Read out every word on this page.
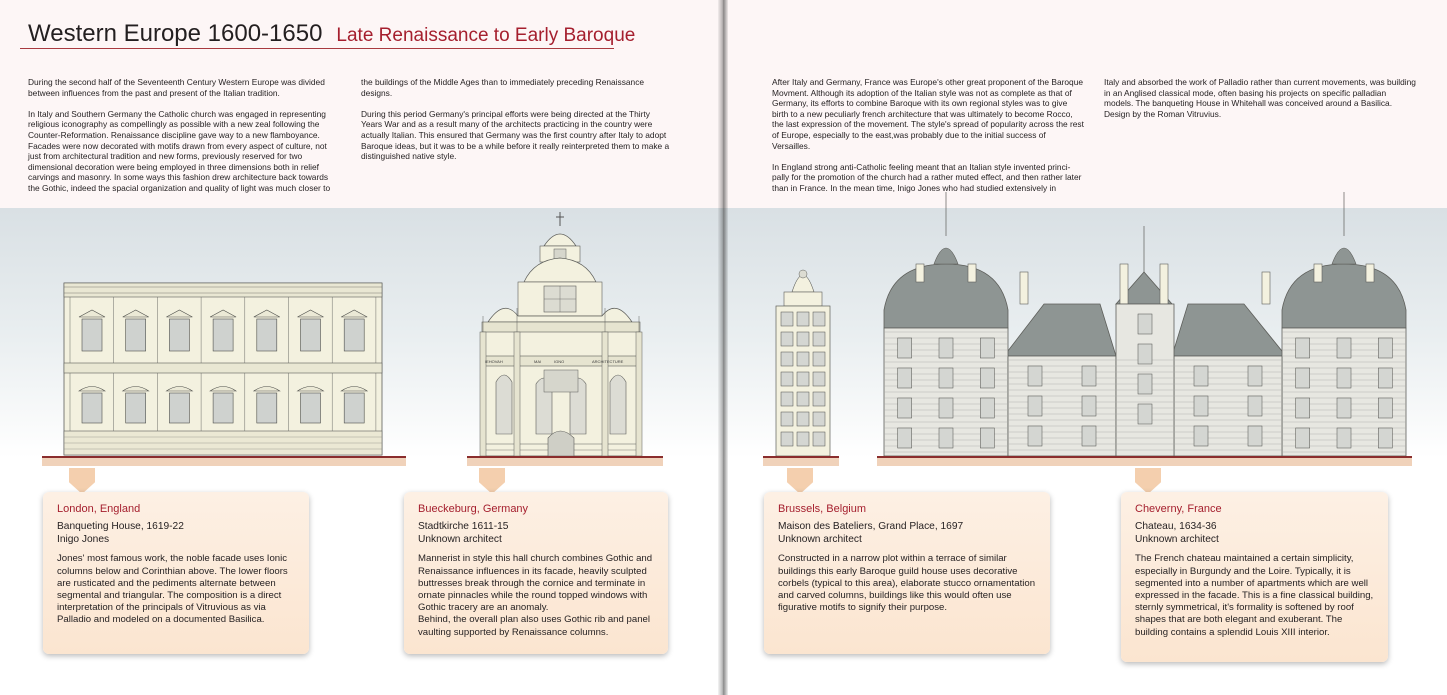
Western Europe 1600-1650 Late Renaissance to Early Baroque

During the second half of the Seventeenth Century Western Europe was divided between influences from the past and present of the Italian tradition.

In Italy and Southern Germany the Catholic church was engaged in representing religious iconography as compellingly as possible with a new zeal following the Counter-Reformation. Renaissance discipline gave way to a new flamboyance. Facades were now decorated with motifs drawn from every aspect of culture, not just from architectural tradition and new forms, previously reserved for two dimensional decoration were being employed in three dimensions both in relief carvings and masonry. In some ways this fashion drew architecture back towards the Gothic, indeed the spacial organization and quality of light was much closer to

the buildings of the Middle Ages than to immediately preceding Renaissance designs.

During this period Germany's principal efforts were being directed at the Thirty Years War and as a result many of the architects practicing in the country were actually Italian. This ensured that Germany was the first country after Italy to adopt Baroque ideas, but it was to be a while before it really reinterpreted them to make a distinguished native style.

After Italy and Germany, France was Europe's other great proponent of the Baroque Movment. Although its adoption of the Italian style was not as complete as that of Germany, its efforts to combine Baroque with its own regional styles was to give birth to a new peculiarly french architecture that was ultimately to become Rocco, the last expression of the movement. The style's spread of popularity across the rest of Europe, especially to the east,was probably due to the initial success of Versailles.

In England strong anti-Catholic feeling meant that an Italian style invented princi-pally for the promotion of the church had a rather muted effect, and then rather later than in France. In the mean time, Inigo Jones who had studied extensively in

Italy and absorbed the work of Palladio rather than current movements, was building in an Anglised classical mode, often basing his projects on specific palladian models. The banqueting House in Whitehall was conceived around a Basilica. Design by the Roman Vitruvius.

IEHOVAH	MAI	IGNO	ARCHITECTURE
London, England
Banqueting House, 1619-22
Inigo Jones
Jones' most famous work, the noble facade uses Ionic columns below and Corinthian above. The lower floors are rusticated and the pediments alternate between segmental and triangular. The composition is a direct interpretation of the principals of Vitruvious as via Palladio and modeled on a documented Basilica.
Bueckeburg, Germany
Stadtkirche 1611-15
Unknown architect
Mannerist in style this hall church combines Gothic and Renaissance influences in its facade, heavily sculpted buttresses break through the cornice and terminate in ornate pinnacles while the round topped windows with Gothic tracery are an anomaly.
Behind, the overall plan also uses Gothic rib and panel vaulting supported by Renaissance columns.
Brussels, Belgium
Maison des Bateliers, Grand Place, 1697
Unknown architect
Constructed in a narrow plot within a terrace of similar buildings this early Baroque guild house uses decorative corbels (typical to this area), elaborate stucco ornamentation and carved columns, buildings like this would often use figurative motifs to signify their purpose.
Cheverny, France
Chateau, 1634-36
Unknown architect
The French chateau maintained a certain simplicity, especially in Burgundy and the Loire. Typically, it is segmented into a number of apartments which are well expressed in the facade. This is a fine classical building, sternly symmetrical, it's formality is softened by roof shapes that are both elegant and exuberant. The building contains a splendid Louis XIII interior.
